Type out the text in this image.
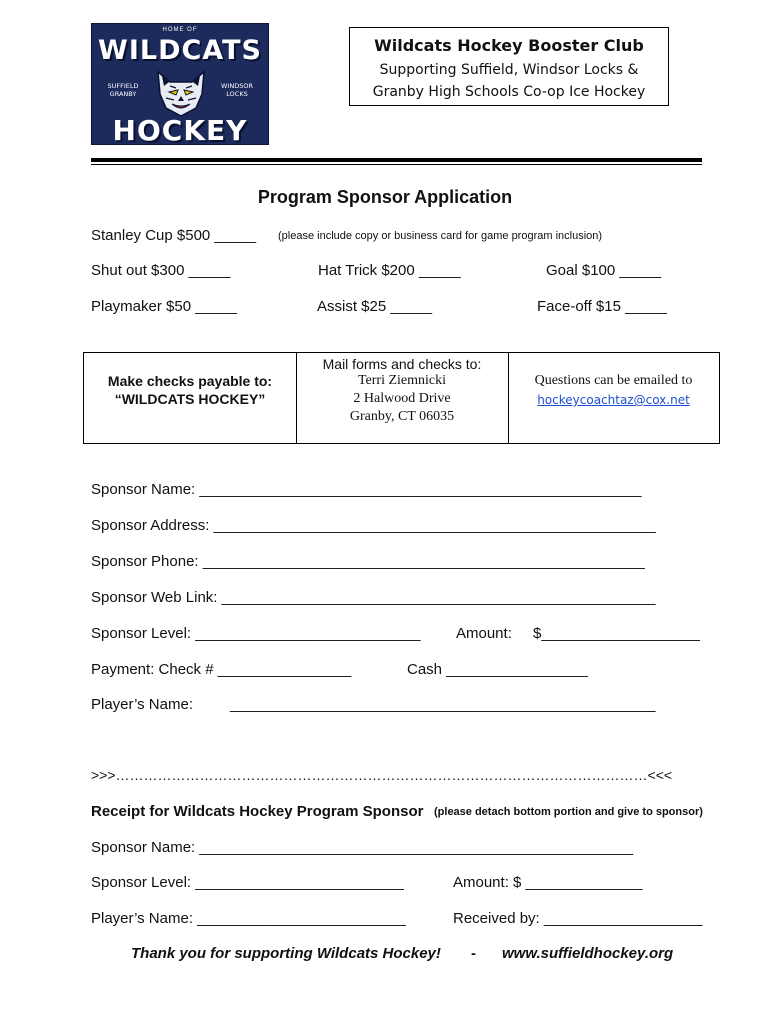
HOME OF
WILDCATS
SUFFIELD
GRANBY
WINDSOR
LOCKS
HOCKEY
Wildcats Hockey Booster Club
Supporting Suffield, Windsor Locks &
Granby High Schools Co-op Ice Hockey
Program Sponsor Application
Stanley Cup $500 _____ (please include copy or business card for game program inclusion)
Shut out $300 _____	Hat Trick $200 _____	Goal $100 _____
Playmaker $50 _____	Assist $25 _____	Face-off $15 _____
Make checks payable to:
“WILDCATS HOCKEY”
Mail forms and checks to:
Terri Ziemnicki
2 Halwood Drive
Granby, CT 06035
Questions can be emailed to
hockeycoachtaz@cox.net
Sponsor Name: _____________________________________________________
Sponsor Address: _____________________________________________________
Sponsor Phone: _____________________________________________________
Sponsor Web Link: ____________________________________________________
Sponsor Level: ___________________________ Amount: $___________________
Payment: Check # ________________	Cash _________________
Player’s Name: ___________________________________________________
>>>……………………………………………………………………………………………………<<<
Receipt for Wildcats Hockey Program Sponsor (please detach bottom portion and give to sponsor)
Sponsor Name: ____________________________________________________
Sponsor Level: _________________________	Amount: $ ______________
Player’s Name: _________________________	Received by: ___________________
Thank you for supporting Wildcats Hockey! - www.suffieldhockey.org
